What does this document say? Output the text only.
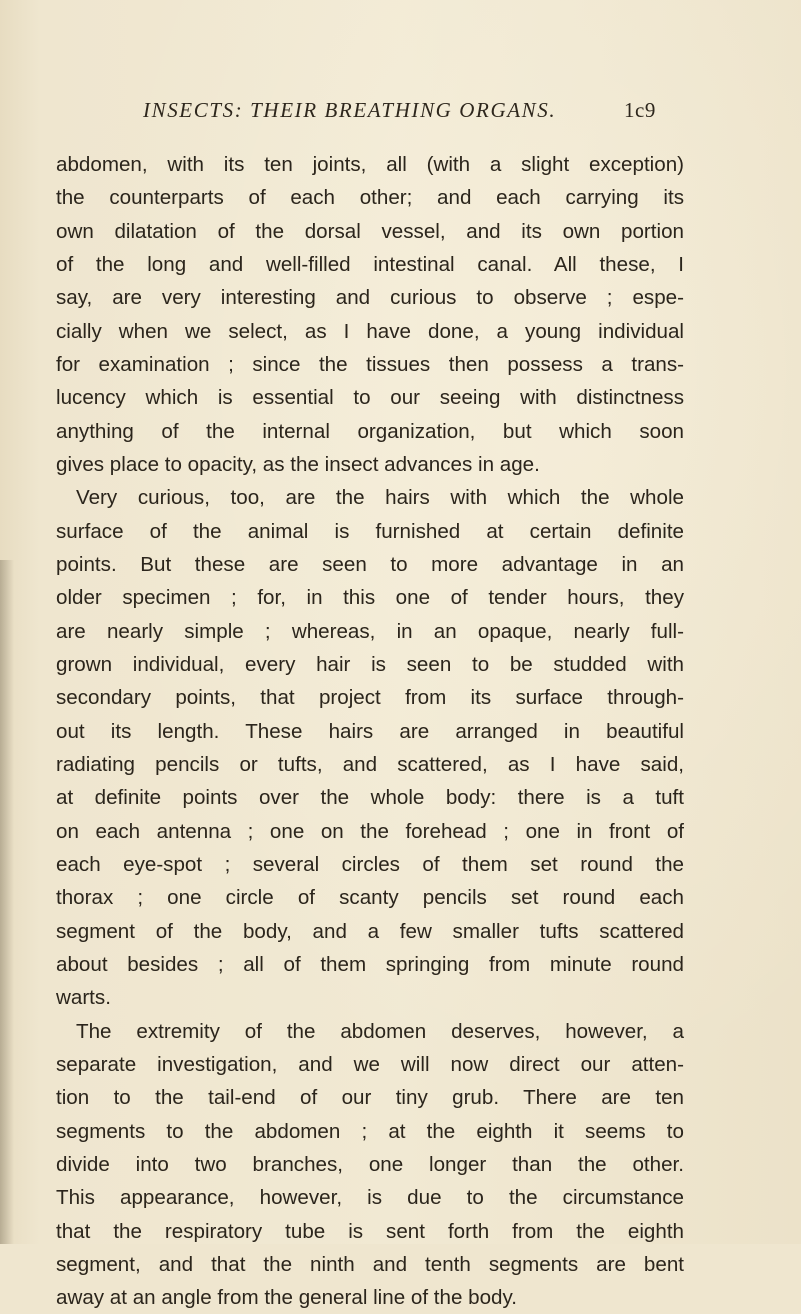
INSECTS: THEIR BREATHING ORGANS.	1c9
abdomen, with its ten joints, all (with a slight exception)
the counterparts of each other; and each carrying its
own dilatation of the dorsal vessel, and its own portion
of the long and well-filled intestinal canal. All these, I
say, are very interesting and curious to observe ; espe-
cially when we select, as I have done, a young individual
for examination ; since the tissues then possess a trans-
lucency which is essential to our seeing with distinctness
anything of the internal organization, but which soon
gives place to opacity, as the insect advances in age.
Very curious, too, are the hairs with which the whole
surface of the animal is furnished at certain definite
points. But these are seen to more advantage in an
older specimen ; for, in this one of tender hours, they
are nearly simple ; whereas, in an opaque, nearly full-
grown individual, every hair is seen to be studded with
secondary points, that project from its surface through-
out its length. These hairs are arranged in beautiful
radiating pencils or tufts, and scattered, as I have said,
at definite points over the whole body: there is a tuft
on each antenna ; one on the forehead ; one in front of
each eye-spot ; several circles of them set round the
thorax ; one circle of scanty pencils set round each
segment of the body, and a few smaller tufts scattered
about besides ; all of them springing from minute round
warts.
The extremity of the abdomen deserves, however, a
separate investigation, and we will now direct our atten-
tion to the tail-end of our tiny grub. There are ten
segments to the abdomen ; at the eighth it seems to
divide into two branches, one longer than the other.
This appearance, however, is due to the circumstance
that the respiratory tube is sent forth from the eighth
segment, and that the ninth and tenth segments are bent
away at an angle from the general line of the body.
